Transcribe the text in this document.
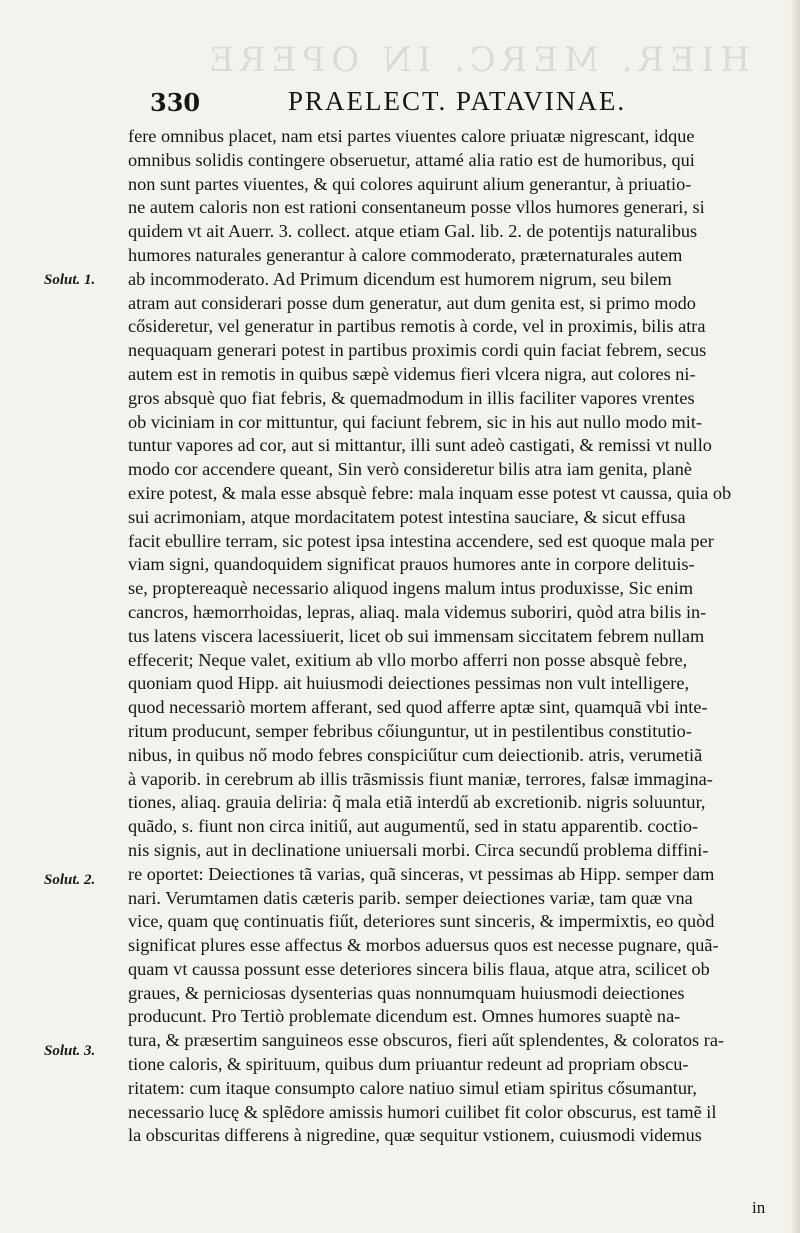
HIER. MERC. IN OPERE
330	PRAELECT. PATAVINAE.
Solut. 1.
Solut. 2.
Solut. 3.
fere omnibus placet, nam etsi partes viuentes calore priuatæ nigrescant, idque
omnibus solidis contingere obseruetur, attamé alia ratio est de humoribus, qui
non sunt partes viuentes, & qui colores aquirunt alium generantur, à priuatio-
ne autem caloris non est rationi consentaneum posse vllos humores generari, si
quidem vt ait Auerr. 3. collect. atque etiam Gal. lib. 2. de potentijs naturalibus
humores naturales generantur à calore commoderato, præternaturales autem
ab incommoderato. Ad Primum dicendum est humorem nigrum, seu bilem
atram aut considerari posse dum generatur, aut dum genita est, si primo modo
cősideretur, vel generatur in partibus remotis à corde, vel in proximis, bilis atra
nequaquam generari potest in partibus proximis cordi quin faciat febrem, secus
autem est in remotis in quibus sæpè videmus fieri vlcera nigra, aut colores ni-
gros absquè quo fiat febris, & quemadmodum in illis faciliter vapores vrentes
ob viciniam in cor mittuntur, qui faciunt febrem, sic in his aut nullo modo mit-
tuntur vapores ad cor, aut si mittantur, illi sunt adeò castigati, & remissi vt nullo
modo cor accendere queant, Sin verò consideretur bilis atra iam genita, planè
exire potest, & mala esse absquè febre: mala inquam esse potest vt caussa, quia ob
sui acrimoniam, atque mordacitatem potest intestina sauciare, & sicut effusa
facit ebullire terram, sic potest ipsa intestina accendere, sed est quoque mala per
viam signi, quandoquidem significat prauos humores ante in corpore delituis-
se, proptereaquè necessario aliquod ingens malum intus produxisse, Sic enim
cancros, hæmorrhoidas, lepras, aliaq. mala videmus suboriri, quòd atra bilis in-
tus latens viscera lacessiuerit, licet ob sui immensam siccitatem febrem nullam
effecerit; Neque valet, exitium ab vllo morbo afferri non posse absquè febre,
quoniam quod Hipp. ait huiusmodi deiectiones pessimas non vult intelligere,
quod necessariò mortem afferant, sed quod afferre aptæ sint, quamquã vbi inte-
ritum producunt, semper febribus cőiunguntur, ut in pestilentibus constitutio-
nibus, in quibus nő modo febres conspiciűtur cum deiectionib. atris, verumetiã
à vaporib. in cerebrum ab illis trãsmissis fiunt maniæ, terrores, falsæ immagina-
tiones, aliaq. grauia deliria: q̃ mala etiã interdű ab excretionib. nigris soluuntur,
quãdo, s. fiunt non circa initiű, aut augumentű, sed in statu apparentib. coctio-
nis signis, aut in declinatione uniuersali morbi. Circa secundű problema diffini-
re oportet: Deiectiones tã varias, quã sinceras, vt pessimas ab Hipp. semper dam
nari. Verumtamen datis cæteris parib. semper deiectiones variæ, tam quæ vna
vice, quam quę continuatis fiűt, deteriores sunt sinceris, & impermixtis, eo quòd
significat plures esse affectus & morbos aduersus quos est necesse pugnare, quã-
quam vt caussa possunt esse deteriores sincera bilis flaua, atque atra, scilicet ob
graues, & perniciosas dysenterias quas nonnumquam huiusmodi deiectiones
producunt. Pro Tertiò problemate dicendum est. Omnes humores suaptè na-
tura, & præsertim sanguineos esse obscuros, fieri aűt splendentes, & coloratos ra-
tione caloris, & spirituum, quibus dum priuantur redeunt ad propriam obscu-
ritatem: cum itaque consumpto calore natiuo simul etiam spiritus cősumantur,
necessario lucę & splẽdore amissis humori cuilibet fit color obscurus, est tamẽ il
la obscuritas differens à nigredine, quæ sequitur vstionem, cuiusmodi videmus
in
